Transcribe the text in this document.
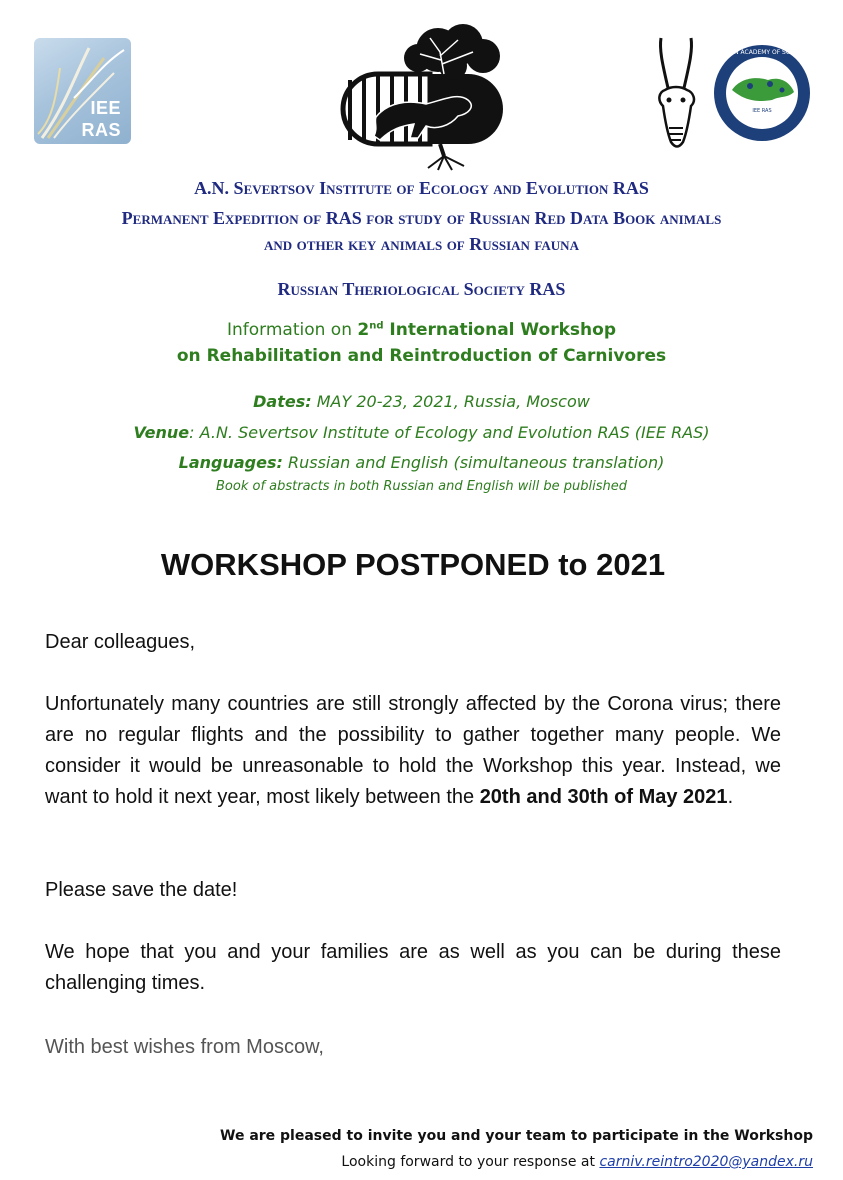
IEE
RAS
IEE RAS
RUSSIAN ACADEMY OF SCIENCES
A.N. Severtsov Institute of Ecology and Evolution RAS
Permanent Expedition of RAS for study of Russian Red Data Book animals
and other key animals of Russian fauna
Russian Theriological Society RAS
Information on 2nd International Workshop
on Rehabilitation and Reintroduction of Carnivores
Dates: MAY 20-23, 2021, Russia, Moscow
Venue: A.N. Severtsov Institute of Ecology and Evolution RAS (IEE RAS)
Languages: Russian and English (simultaneous translation)
Book of abstracts in both Russian and English will be published
WORKSHOP POSTPONED to 2021
Dear colleagues,
Unfortunately many countries are still strongly affected by the Corona virus; there are no regular flights and the possibility to gather together many people. We consider it would be unreasonable to hold the Workshop this year. Instead, we want to hold it next year, most likely between the 20th and 30th of May 2021.
Please save the date!
We hope that you and your families are as well as you can be during these challenging times.
With best wishes from Moscow,
We are pleased to invite you and your team to participate in the Workshop
Looking forward to your response at carniv.reintro2020@yandex.ru
